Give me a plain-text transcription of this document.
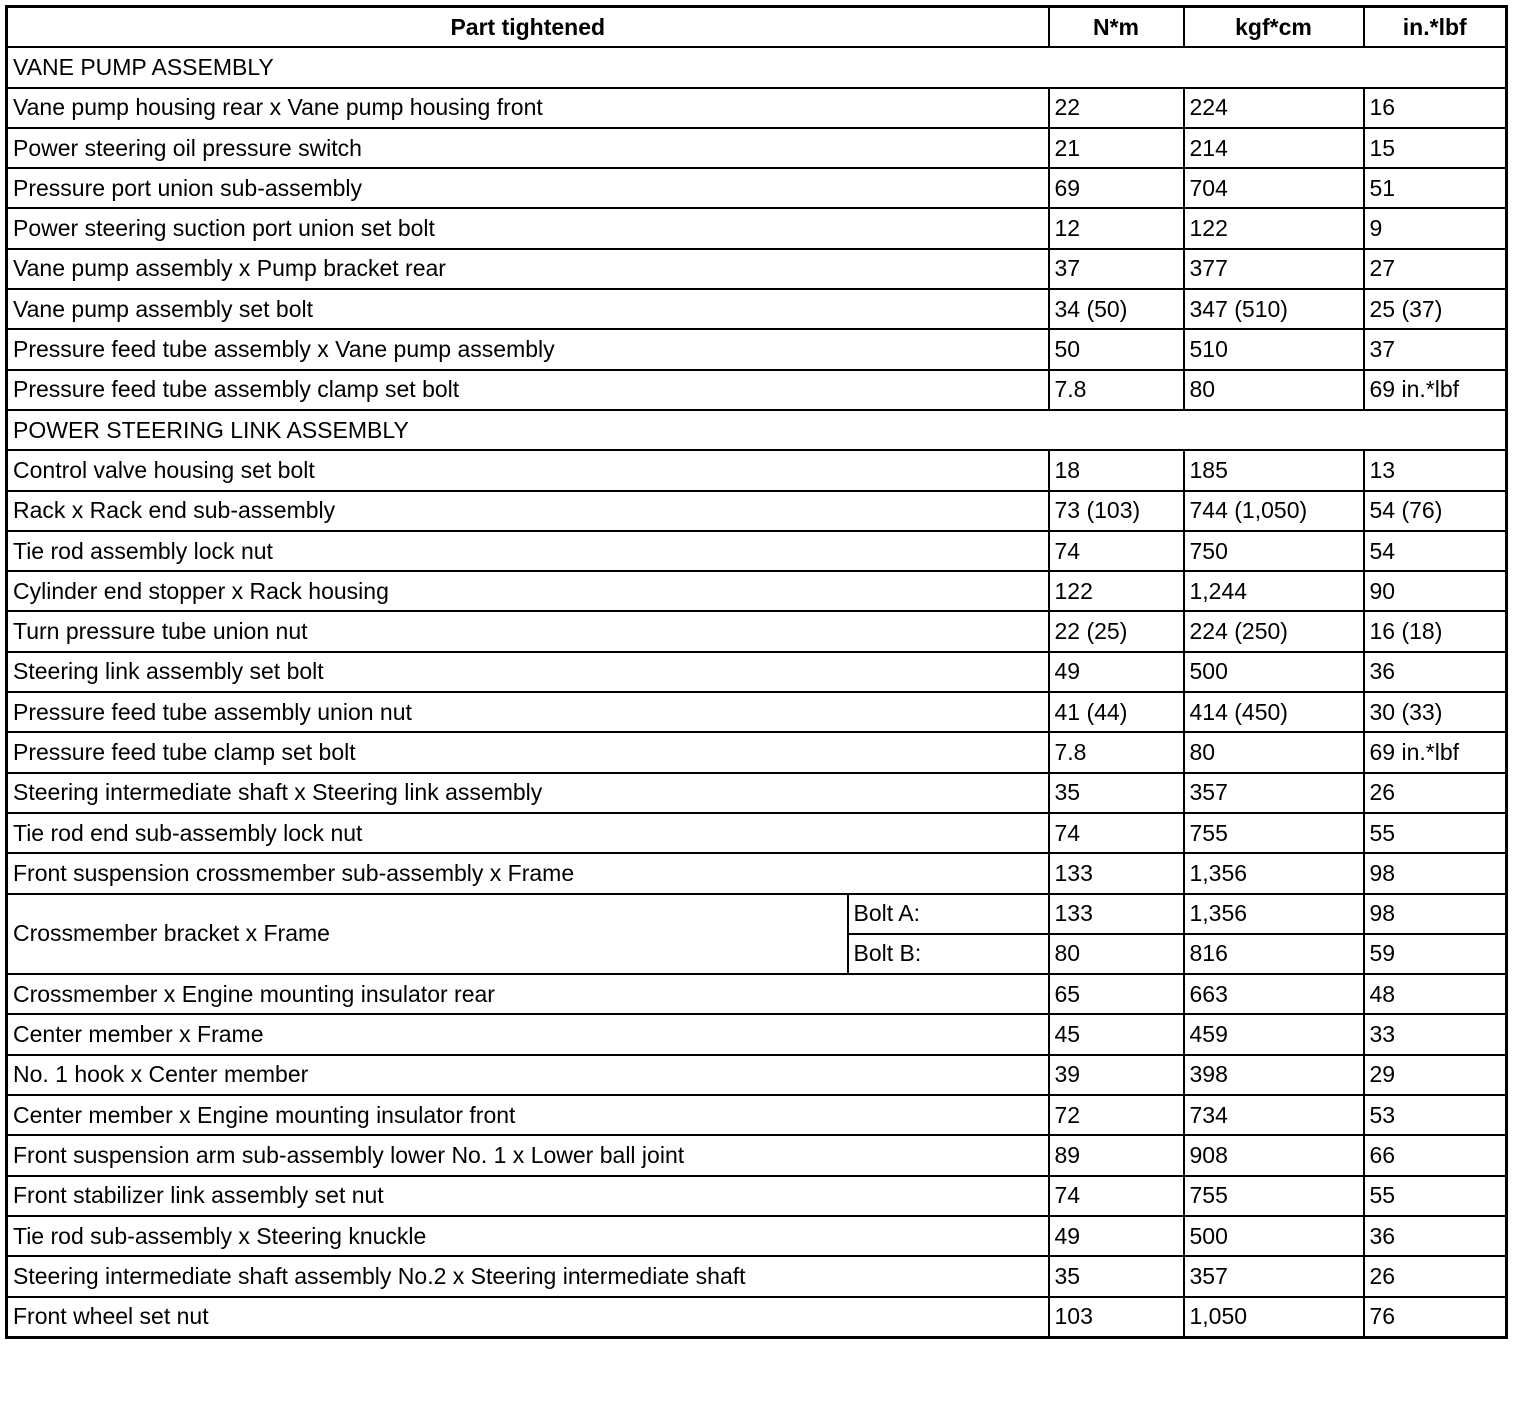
Part tightened		N*m	kgf*cm	in.*lbf
VANE PUMP ASSEMBLY				
Vane pump housing rear x Vane pump housing front		22	224	16
Power steering oil pressure switch		21	214	15
Pressure port union sub-assembly		69	704	51
Power steering suction port union set bolt		12	122	9
Vane pump assembly x Pump bracket rear		37	377	27
Vane pump assembly set bolt		34 (50)	347 (510)	25 (37)
Pressure feed tube assembly x Vane pump assembly		50	510	37
Pressure feed tube assembly clamp set bolt		7.8	80	69 in.*lbf
POWER STEERING LINK ASSEMBLY				
Control valve housing set bolt		18	185	13
Rack x Rack end sub-assembly		73 (103)	744 (1,050)	54 (76)
Tie rod assembly lock nut		74	750	54
Cylinder end stopper x Rack housing		122	1,244	90
Turn pressure tube union nut		22 (25)	224 (250)	16 (18)
Steering link assembly set bolt		49	500	36
Pressure feed tube assembly union nut		41 (44)	414 (450)	30 (33)
Pressure feed tube clamp set bolt		7.8	80	69 in.*lbf
Steering intermediate shaft x Steering link assembly		35	357	26
Tie rod end sub-assembly lock nut		74	755	55
Front suspension crossmember sub-assembly x Frame		133	1,356	98
Crossmember bracket x Frame	Bolt A:	133	1,356	98
	Bolt B:	80	816	59
Crossmember x Engine mounting insulator rear		65	663	48
Center member x Frame		45	459	33
No. 1 hook x Center member		39	398	29
Center member x Engine mounting insulator front		72	734	53
Front suspension arm sub-assembly lower No. 1 x Lower ball joint		89	908	66
Front stabilizer link assembly set nut		74	755	55
Tie rod sub-assembly x Steering knuckle		49	500	36
Steering intermediate shaft assembly No.2 x Steering intermediate shaft		35	357	26
Front wheel set nut		103	1,050	76
